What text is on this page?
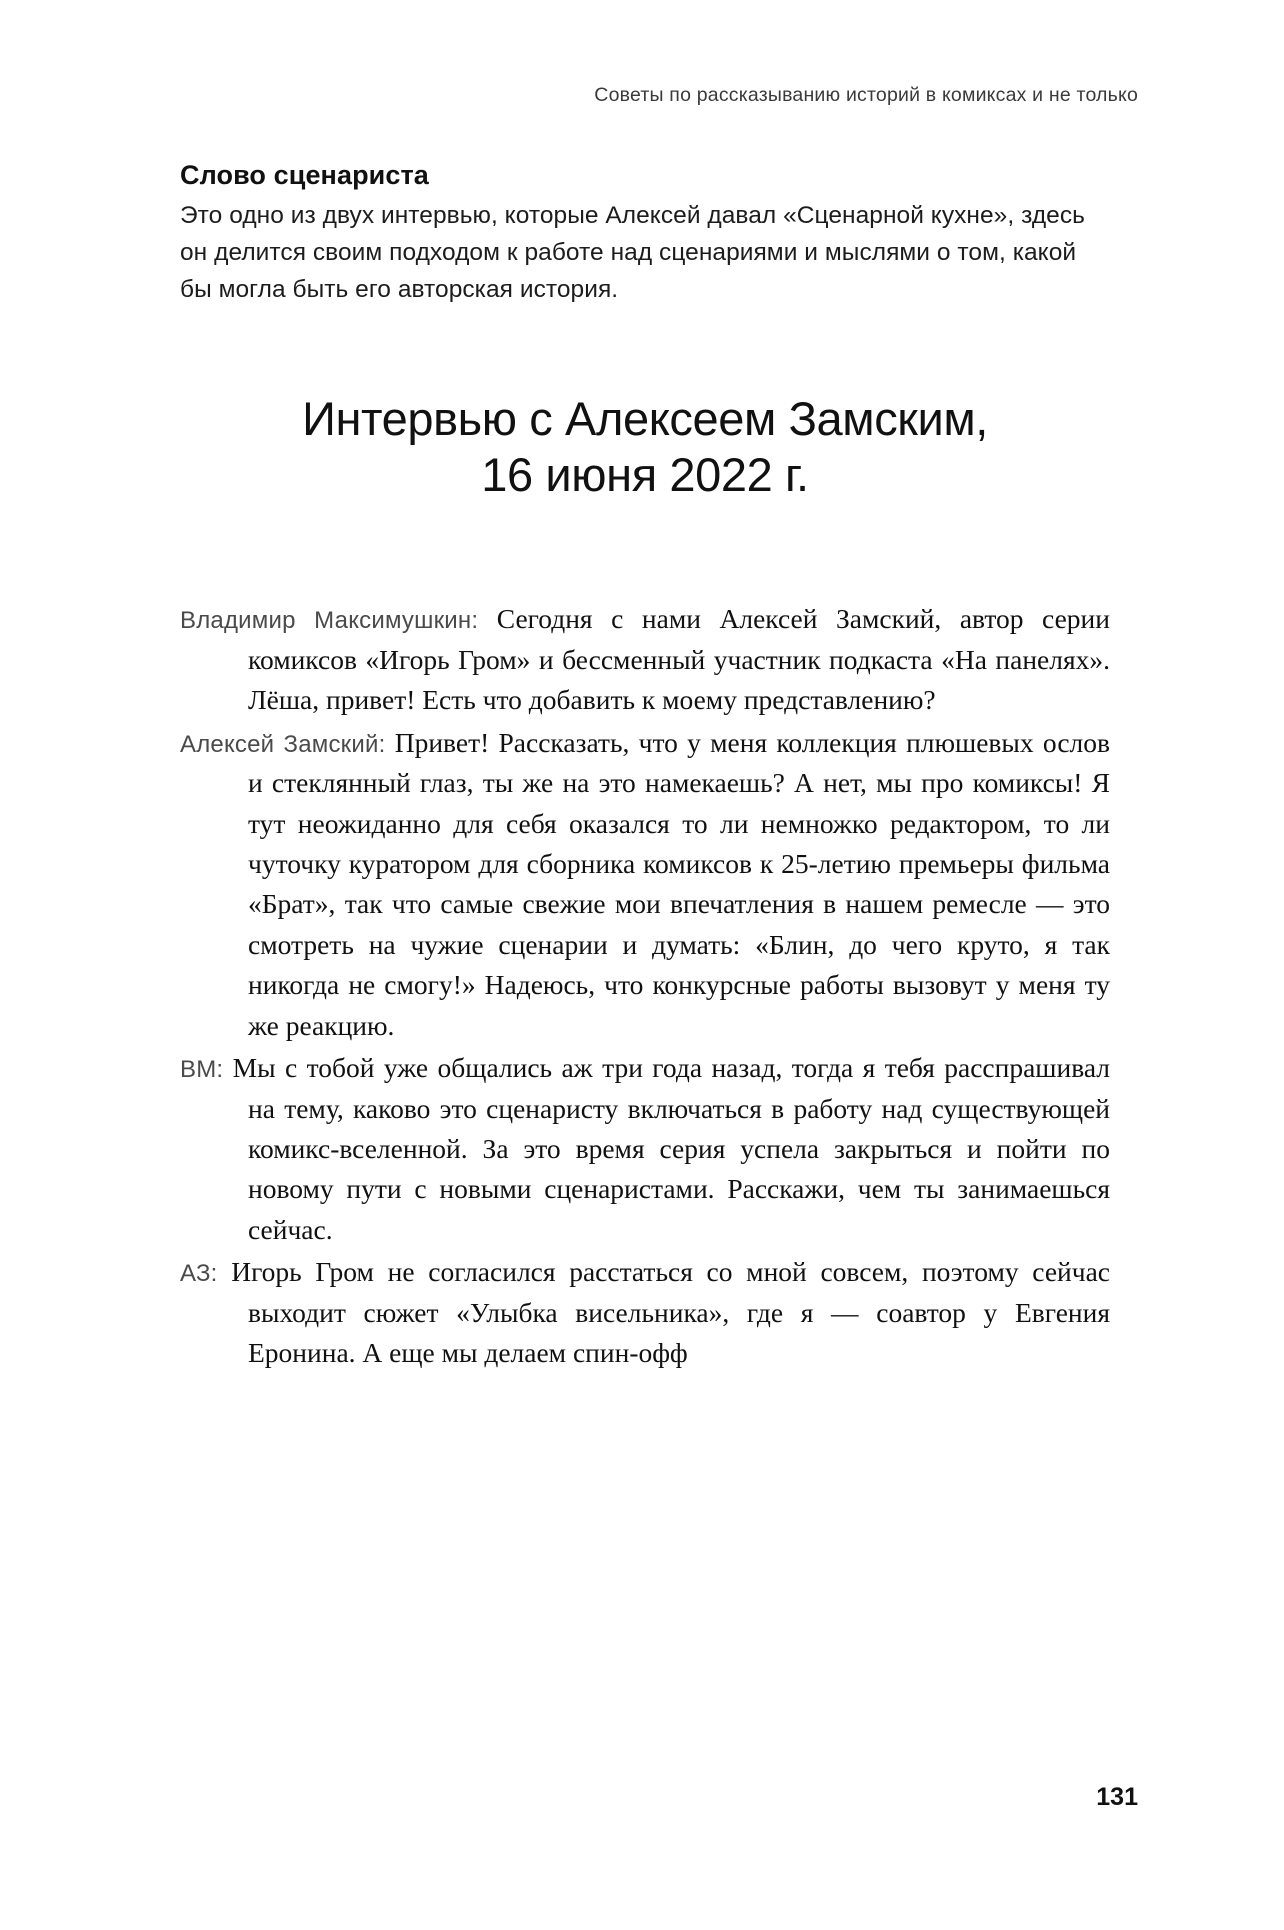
Советы по рассказыванию историй в комиксах и не только
Слово сценариста

Это одно из двух интервью, которые Алексей давал «Сценарной кухне», здесь он делится своим подходом к работе над сценариями и мыслями о том, какой бы могла быть его авторская история.

Интервью с Алексеем Замским,
16 июня 2022 г.

Владимир Максимушкин: Сегодня с нами Алексей Замский, автор серии комиксов «Игорь Гром» и бессменный участник подкаста «На панелях». Лёша, привет! Есть что добавить к моему представлению?

Алексей Замский: Привет! Рассказать, что у меня коллекция плюшевых ослов и стеклянный глаз, ты же на это намекаешь? А нет, мы про комиксы! Я тут неожиданно для себя оказался то ли немножко редактором, то ли чуточку куратором для сборника комиксов к 25-летию премьеры фильма «Брат», так что самые свежие мои впечатления в нашем ремесле — это смотреть на чужие сценарии и думать: «Блин, до чего круто, я так никогда не смогу!» Надеюсь, что конкурсные работы вызовут у меня ту же реакцию.

ВМ: Мы с тобой уже общались аж три года назад, тогда я тебя расспрашивал на тему, каково это сценаристу включаться в работу над существующей комикс-вселенной. За это время серия успела закрыться и пойти по новому пути с новыми сценаристами. Расскажи, чем ты занимаешься сейчас.

АЗ: Игорь Гром не согласился расстаться со мной совсем, поэтому сейчас выходит сюжет «Улыбка висельника», где я — соавтор у Евгения Еронина. А еще мы делаем спин-офф

131
